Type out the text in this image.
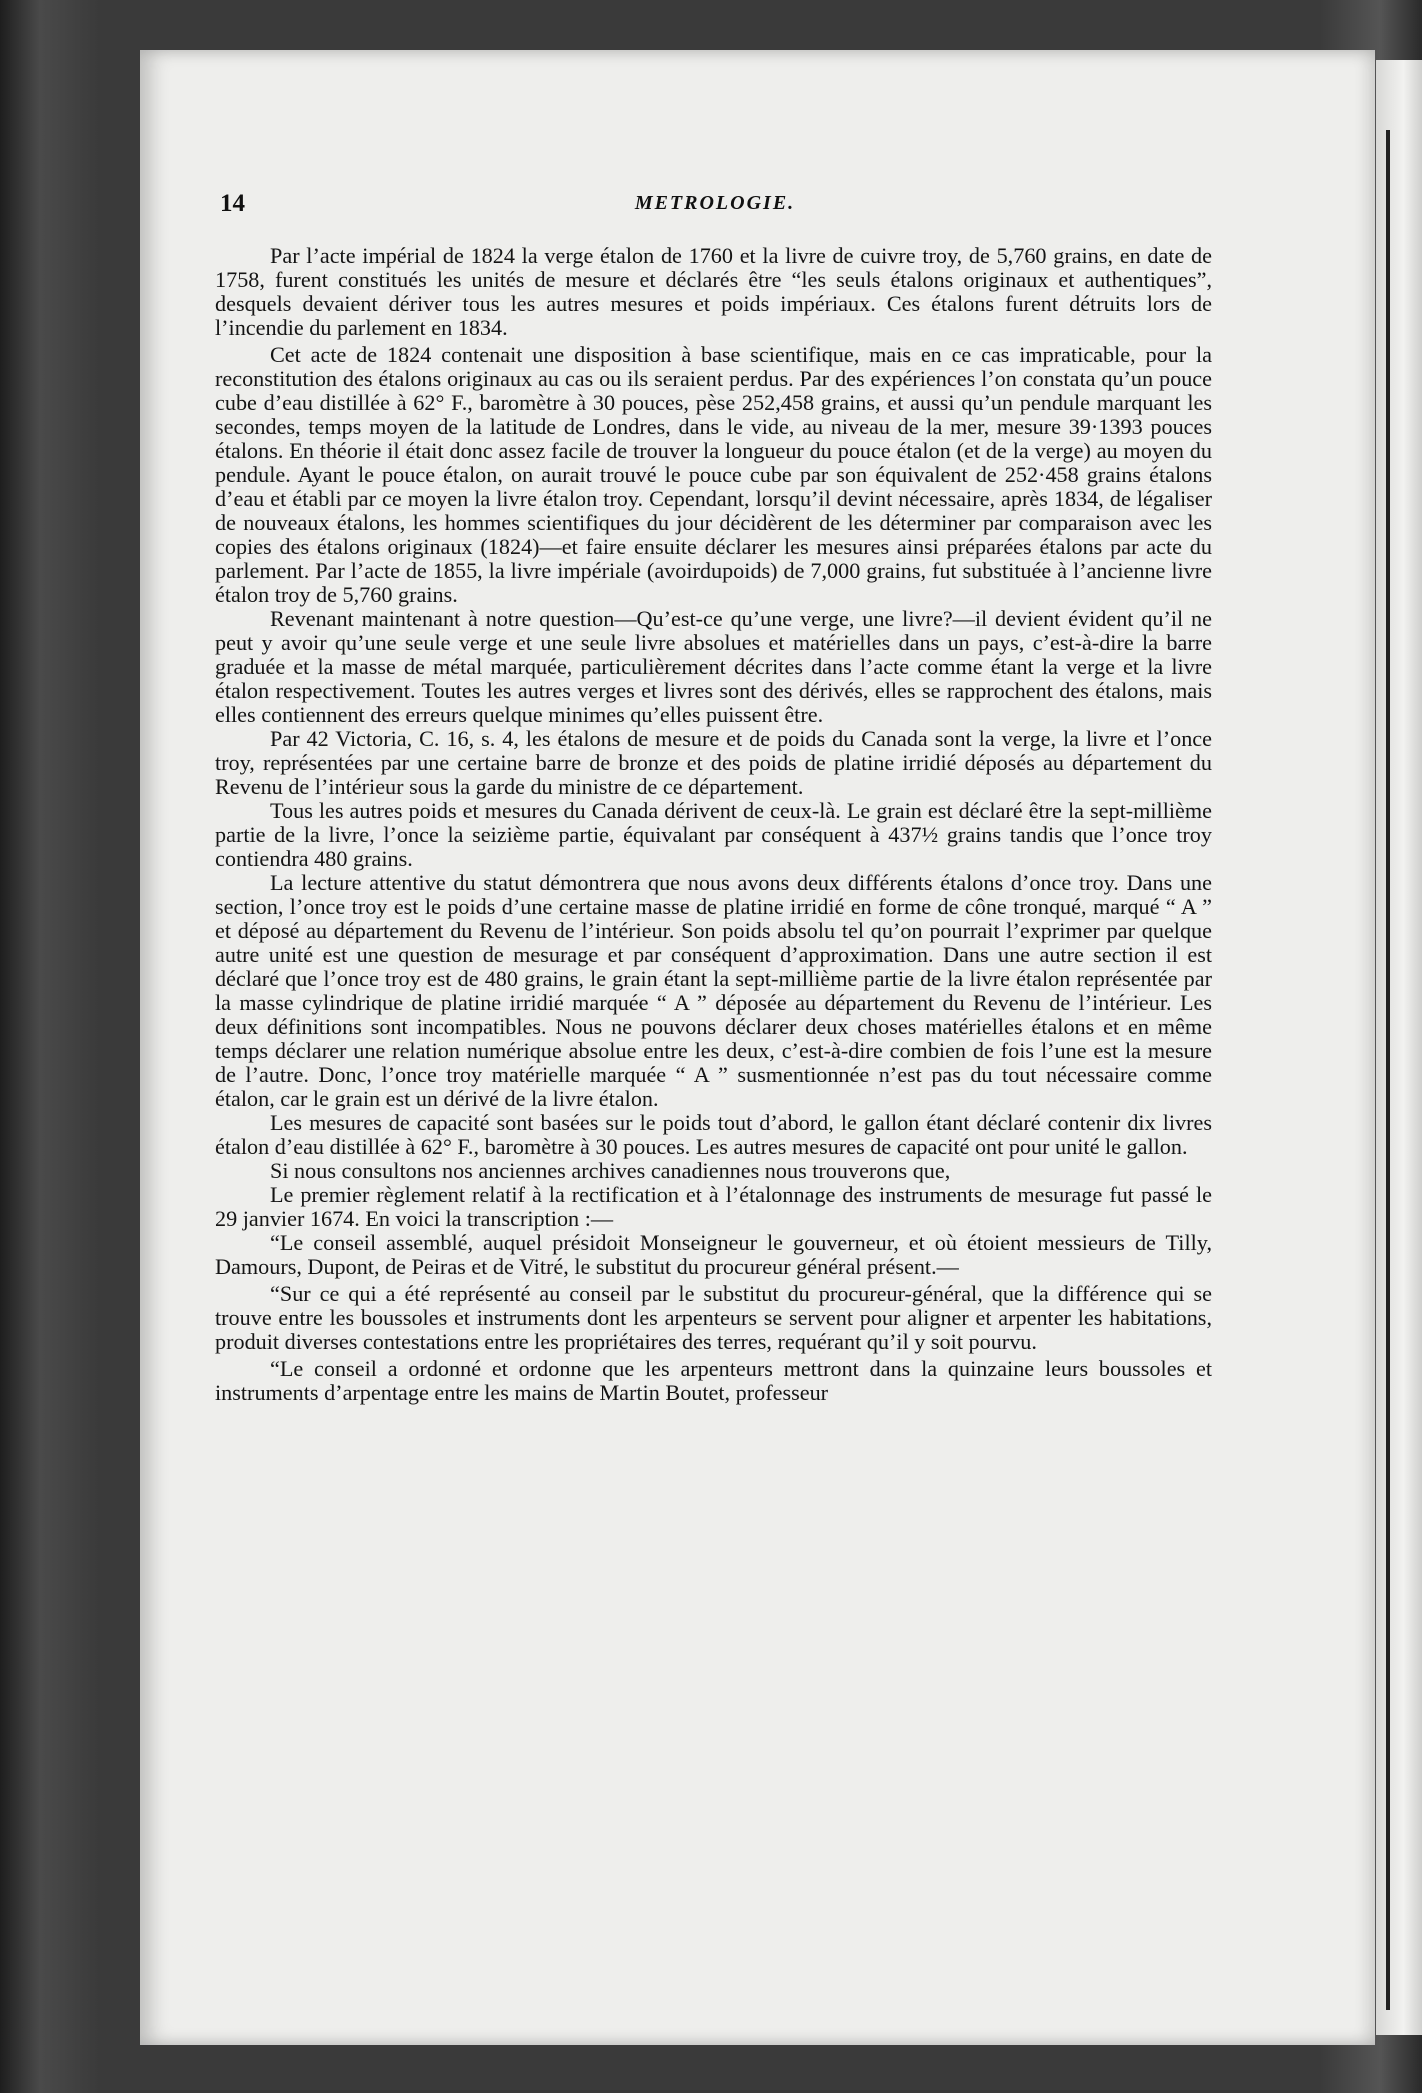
14	METROLOGIE.

Par l’acte impérial de 1824 la verge étalon de 1760 et la livre de cuivre troy, de 5,760 grains, en date de 1758, furent constitués les unités de mesure et déclarés être “les seuls étalons originaux et authentiques”, desquels devaient dériver tous les autres mesures et poids impériaux. Ces étalons furent détruits lors de l’incendie du parlement en 1834.

Cet acte de 1824 contenait une disposition à base scientifique, mais en ce cas impraticable, pour la reconstitution des étalons originaux au cas ou ils seraient perdus. Par des expériences l’on constata qu’un pouce cube d’eau distillée à 62° F., baromètre à 30 pouces, pèse 252,458 grains, et aussi qu’un pendule marquant les secondes, temps moyen de la latitude de Londres, dans le vide, au niveau de la mer, mesure 39·1393 pouces étalons. En théorie il était donc assez facile de trouver la longueur du pouce étalon (et de la verge) au moyen du pendule. Ayant le pouce étalon, on aurait trouvé le pouce cube par son équivalent de 252·458 grains étalons d’eau et établi par ce moyen la livre étalon troy. Cependant, lorsqu’il devint nécessaire, après 1834, de légaliser de nouveaux étalons, les hommes scientifiques du jour décidèrent de les déterminer par comparaison avec les copies des étalons originaux (1824)—et faire ensuite déclarer les mesures ainsi préparées étalons par acte du parlement. Par l’acte de 1855, la livre impériale (avoirdupoids) de 7,000 grains, fut substituée à l’ancienne livre étalon troy de 5,760 grains.

Revenant maintenant à notre question—Qu’est-ce qu’une verge, une livre?—il devient évident qu’il ne peut y avoir qu’une seule verge et une seule livre absolues et matérielles dans un pays, c’est-à-dire la barre graduée et la masse de métal marquée, particulièrement décrites dans l’acte comme étant la verge et la livre étalon respectivement. Toutes les autres verges et livres sont des dérivés, elles se rapprochent des étalons, mais elles contiennent des erreurs quelque minimes qu’elles puissent être.

Par 42 Victoria, C. 16, s. 4, les étalons de mesure et de poids du Canada sont la verge, la livre et l’once troy, représentées par une certaine barre de bronze et des poids de platine irridié déposés au département du Revenu de l’intérieur sous la garde du ministre de ce département.

Tous les autres poids et mesures du Canada dérivent de ceux-là. Le grain est déclaré être la sept-millième partie de la livre, l’once la seizième partie, équivalant par conséquent à 437½ grains tandis que l’once troy contiendra 480 grains.

La lecture attentive du statut démontrera que nous avons deux différents étalons d’once troy. Dans une section, l’once troy est le poids d’une certaine masse de platine irridié en forme de cône tronqué, marqué “ A ” et déposé au département du Revenu de l’intérieur. Son poids absolu tel qu’on pourrait l’exprimer par quelque autre unité est une question de mesurage et par conséquent d’approximation. Dans une autre section il est déclaré que l’once troy est de 480 grains, le grain étant la sept-millième partie de la livre étalon représentée par la masse cylindrique de platine irridié marquée “ A ” déposée au département du Revenu de l’intérieur. Les deux définitions sont incompatibles. Nous ne pouvons déclarer deux choses matérielles étalons et en même temps déclarer une relation numérique absolue entre les deux, c’est-à-dire combien de fois l’une est la mesure de l’autre. Donc, l’once troy matérielle marquée “ A ” susmentionnée n’est pas du tout nécessaire comme étalon, car le grain est un dérivé de la livre étalon.

Les mesures de capacité sont basées sur le poids tout d’abord, le gallon étant déclaré contenir dix livres étalon d’eau distillée à 62° F., baromètre à 30 pouces. Les autres mesures de capacité ont pour unité le gallon.

Si nous consultons nos anciennes archives canadiennes nous trouverons que,

Le premier règlement relatif à la rectification et à l’étalonnage des instruments de mesurage fut passé le 29 janvier 1674. En voici la transcription :—

“Le conseil assemblé, auquel présidoit Monseigneur le gouverneur, et où étoient messieurs de Tilly, Damours, Dupont, de Peiras et de Vitré, le substitut du procureur général présent.—

“Sur ce qui a été représenté au conseil par le substitut du procureur-général, que la différence qui se trouve entre les boussoles et instruments dont les arpenteurs se servent pour aligner et arpenter les habitations, produit diverses contestations entre les propriétaires des terres, requérant qu’il y soit pourvu.

“Le conseil a ordonné et ordonne que les arpenteurs mettront dans la quinzaine leurs boussoles et instruments d’arpentage entre les mains de Martin Boutet, professeur
